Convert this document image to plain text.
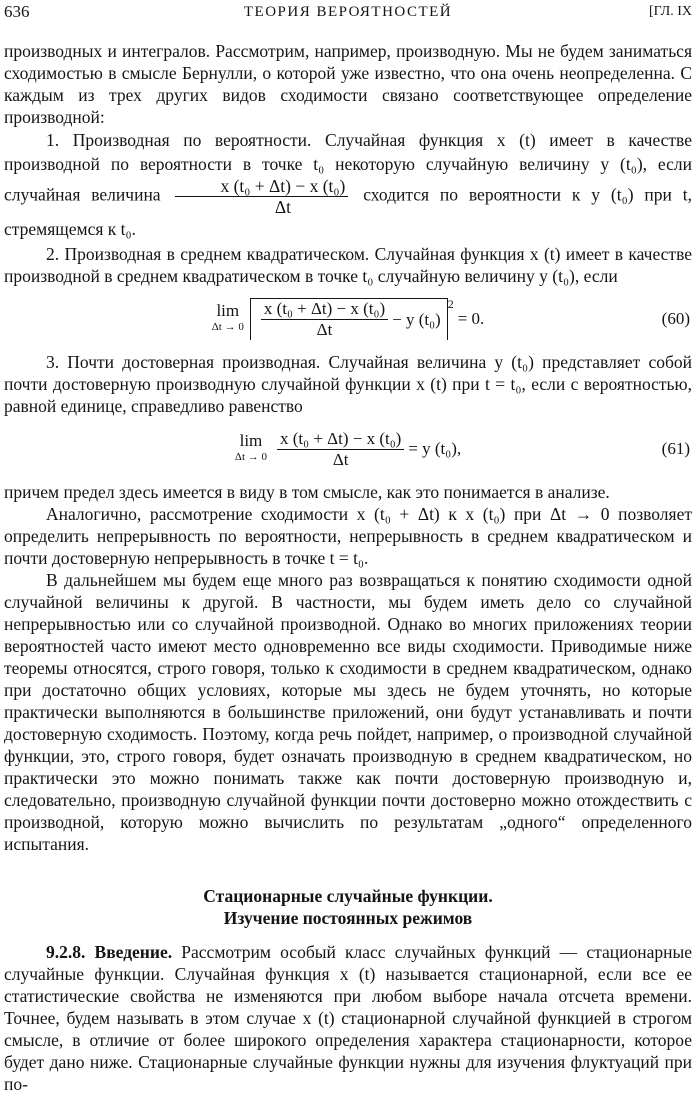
636	ТЕОРИЯ ВЕРОЯТНОСТЕЙ	[ГЛ. IX

производных и интегралов. Рассмотрим, например, производную. Мы не будем заниматься сходимостью в смысле Бернулли, о которой уже известно, что она очень неопределенна. С каждым из трех других видов сходимости связано соответствующее определение производной:

1. Производная по вероятности. Случайная функция x (t) имеет в качестве производной по вероятности в точке t₀ некоторую случайную величину y (t₀), если случайная величина $\frac{\text{x (t₀ + Δt) − x (t₀)}}{\Delta t}$ сходится по вероятности к y (t₀) при t, стремящемся к t₀.

2. Производная в среднем квадратическом. Случайная функция x (t) имеет в качестве производной в среднем квадратическом в точке t₀ случайную величину y (t₀), если

lim
$\Delta t \to 0 \frac{\text{x (t₀ + Δt) − x (t₀)}}{\Delta t} - y$ (t₀)
$^2$
= 0.	(60)

3. Почти достоверная производная. Случайная величина y (t₀) представляет собой почти достоверную производную случайной функции x (t) при t = t₀, если с вероятностью, равной единице, справедливо равенство

lim
$\Delta t \to 0 \frac{\text{x (t₀ + Δt) − x (t₀)}}{\Delta t} = y$ (t₀),	(61)

причем предел здесь имеется в виду в том смысле, как это понимается в анализе.

Аналогично, рассмотрение сходимости x (t₀ + Δt) к x (t₀) при Δt → 0 позволяет определить непрерывность по вероятности, непрерывность в среднем квадратическом и почти достоверную непрерывность в точке t = t₀.

В дальнейшем мы будем еще много раз возвращаться к понятию сходимости одной случайной величины к другой. В частности, мы будем иметь дело со случайной непрерывностью или со случайной производной. Однако во многих приложениях теории вероятностей часто имеют место одновременно все виды сходимости. Приводимые ниже теоремы относятся, строго говоря, только к сходимости в среднем квадратическом, однако при достаточно общих условиях, которые мы здесь не будем уточнять, но которые практически выполняются в большинстве приложений, они будут устанавливать и почти достоверную сходимость. Поэтому, когда речь пойдет, например, о производной случайной функции, это, строго говоря, будет означать производную в среднем квадратическом, но практически это можно понимать также как почти достоверную производную и, следовательно, производную случайной функции почти достоверно можно отождествить с производной, которую можно вычислить по результатам „одного“ определенного испытания.

Стационарные случайные функции.
Изучение постоянных режимов

9.2.8. Введение. Рассмотрим особый класс случайных функций — стационарные случайные функции. Случайная функция x (t) называется стационарной, если все ее статистические свойства не изменяются при любом выборе начала отсчета времени. Точнее, будем называть в этом случае x (t) стационарной случайной функцией в строгом смысле, в отличие от более широкого определения характера стационарности, которое будет дано ниже. Стационарные случайные функции нужны для изучения флуктуаций при по-
